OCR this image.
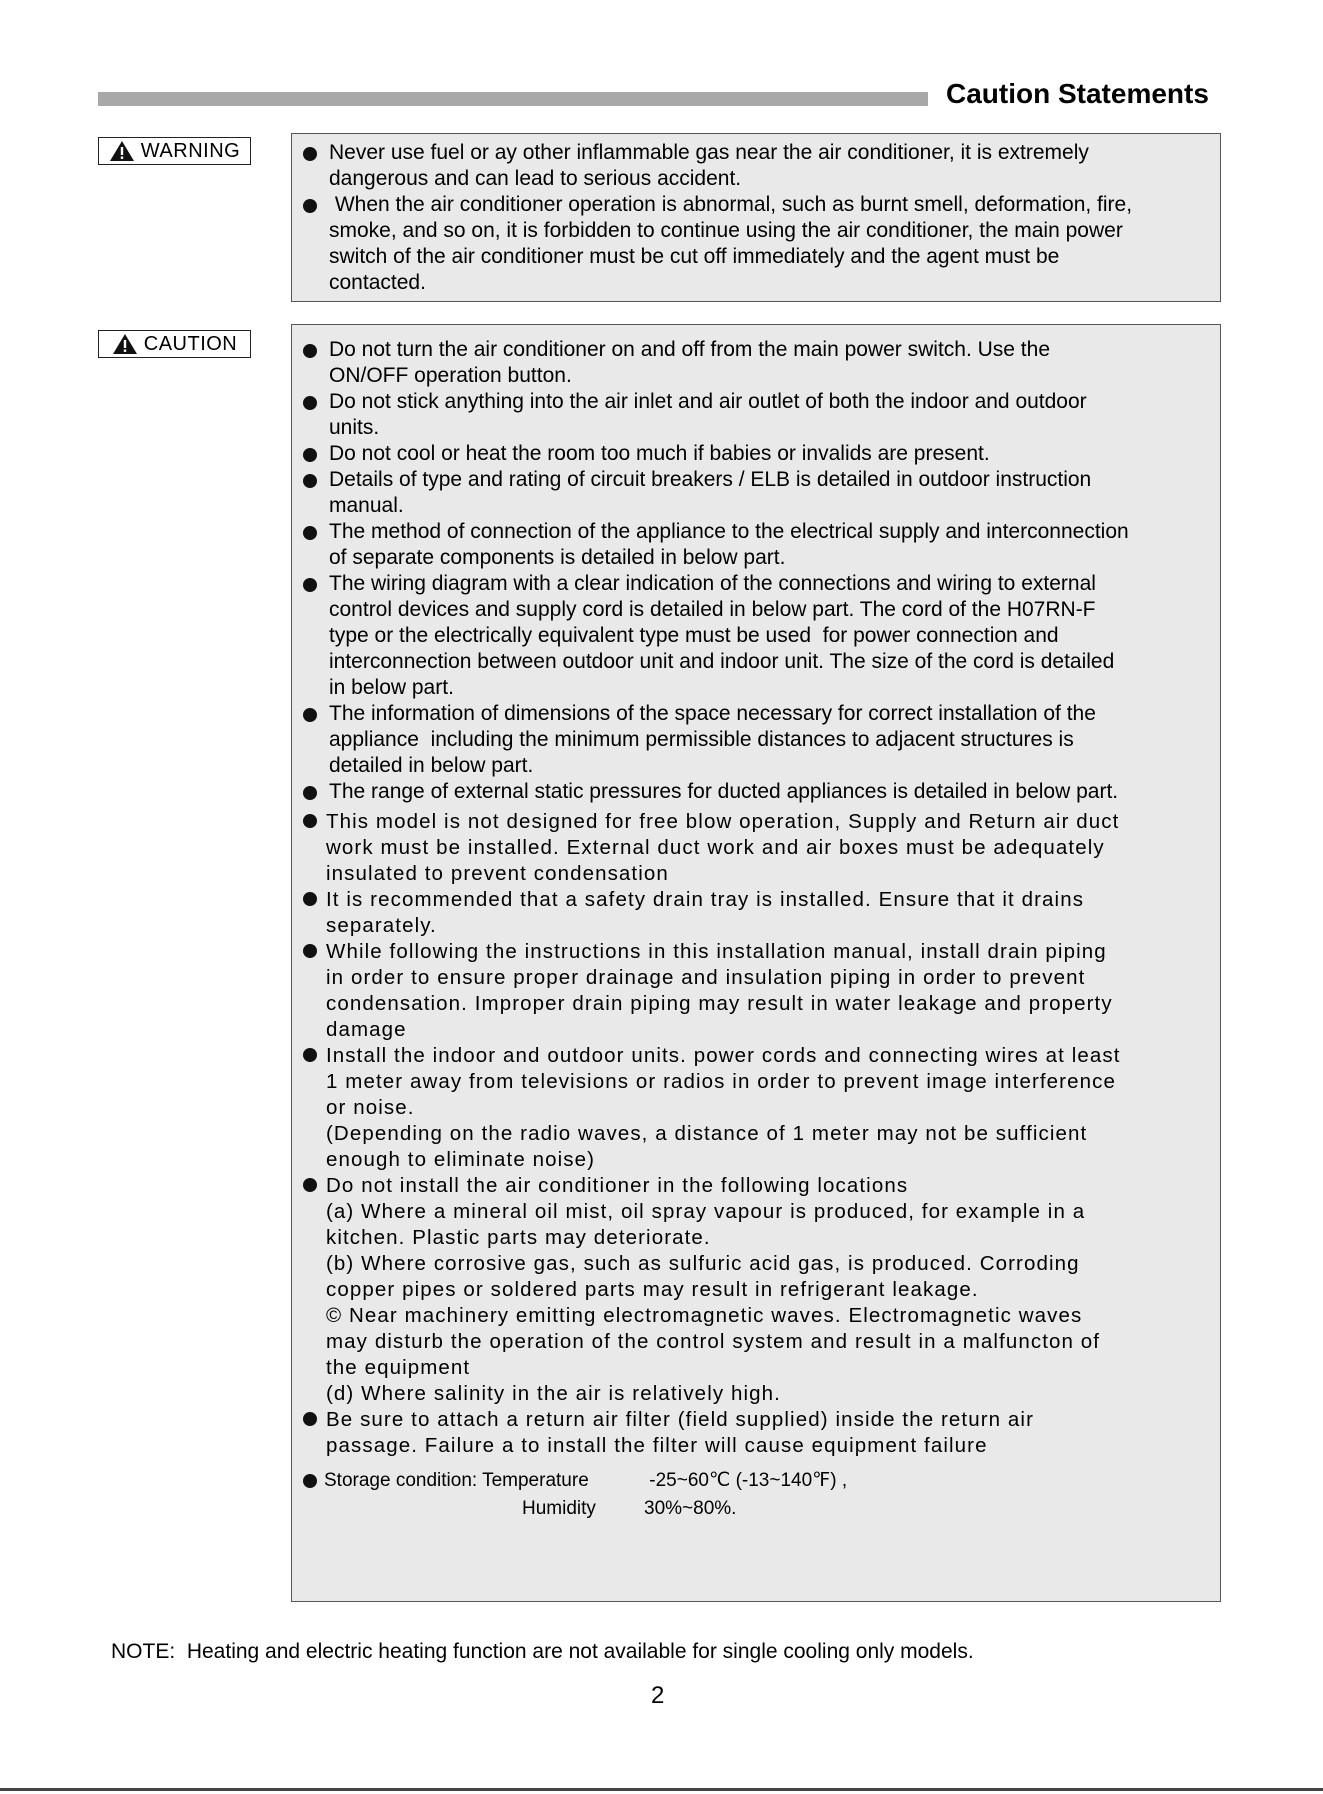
Caution Statements
WARNING
CAUTION
Never use fuel or ay other inflammable gas near the air conditioner, it is extremely
dangerous and can lead to serious accident.
When the air conditioner operation is abnormal, such as burnt smell, deformation, fire,
smoke, and so on, it is forbidden to continue using the air conditioner, the main power
switch of the air conditioner must be cut off immediately and the agent must be
contacted.
Do not turn the air conditioner on and off from the main power switch. Use the
ON/OFF operation button.
Do not stick anything into the air inlet and air outlet of both the indoor and outdoor
units.
Do not cool or heat the room too much if babies or invalids are present.
Details of type and rating of circuit breakers / ELB is detailed in outdoor instruction
manual.
The method of connection of the appliance to the electrical supply and interconnection
of separate components is detailed in below part.
The wiring diagram with a clear indication of the connections and wiring to external
control devices and supply cord is detailed in below part. The cord of the H07RN-F
type or the electrically equivalent type must be used  for power connection and
interconnection between outdoor unit and indoor unit. The size of the cord is detailed
in below part.
The information of dimensions of the space necessary for correct installation of the
appliance  including the minimum permissible distances to adjacent structures is
detailed in below part.
The range of external static pressures for ducted appliances is detailed in below part.
This model is not designed for free blow operation, Supply and Return air duct
work must be installed. External duct work and air boxes must be adequately
insulated to prevent condensation
It is recommended that a safety drain tray is installed. Ensure that it drains
separately.
While following the instructions in this installation manual, install drain piping
in order to ensure proper drainage and insulation piping in order to prevent
condensation. Improper drain piping may result in water leakage and property
damage
Install the indoor and outdoor units. power cords and connecting wires at least
1 meter away from televisions or radios in order to prevent image interference
or noise.
(Depending on the radio waves, a distance of 1 meter may not be sufficient
enough to eliminate noise)
Do not install the air conditioner in the following locations
(a) Where a mineral oil mist, oil spray vapour is produced, for example in a
kitchen. Plastic parts may deteriorate.
(b) Where corrosive gas, such as sulfuric acid gas, is produced. Corroding
copper pipes or soldered parts may result in refrigerant leakage.
© Near machinery emitting electromagnetic waves. Electromagnetic waves
may disturb the operation of the control system and result in a malfuncton of
the equipment
(d) Where salinity in the air is relatively high.
Be sure to attach a return air filter (field supplied) inside the return air
passage. Failure a to install the filter will cause equipment failure
Storage condition: Temperature	-25~60℃ (-13~140℉) ,
Humidity	30%~80%.
NOTE:  Heating and electric heating function are not available for single cooling only models.
2
